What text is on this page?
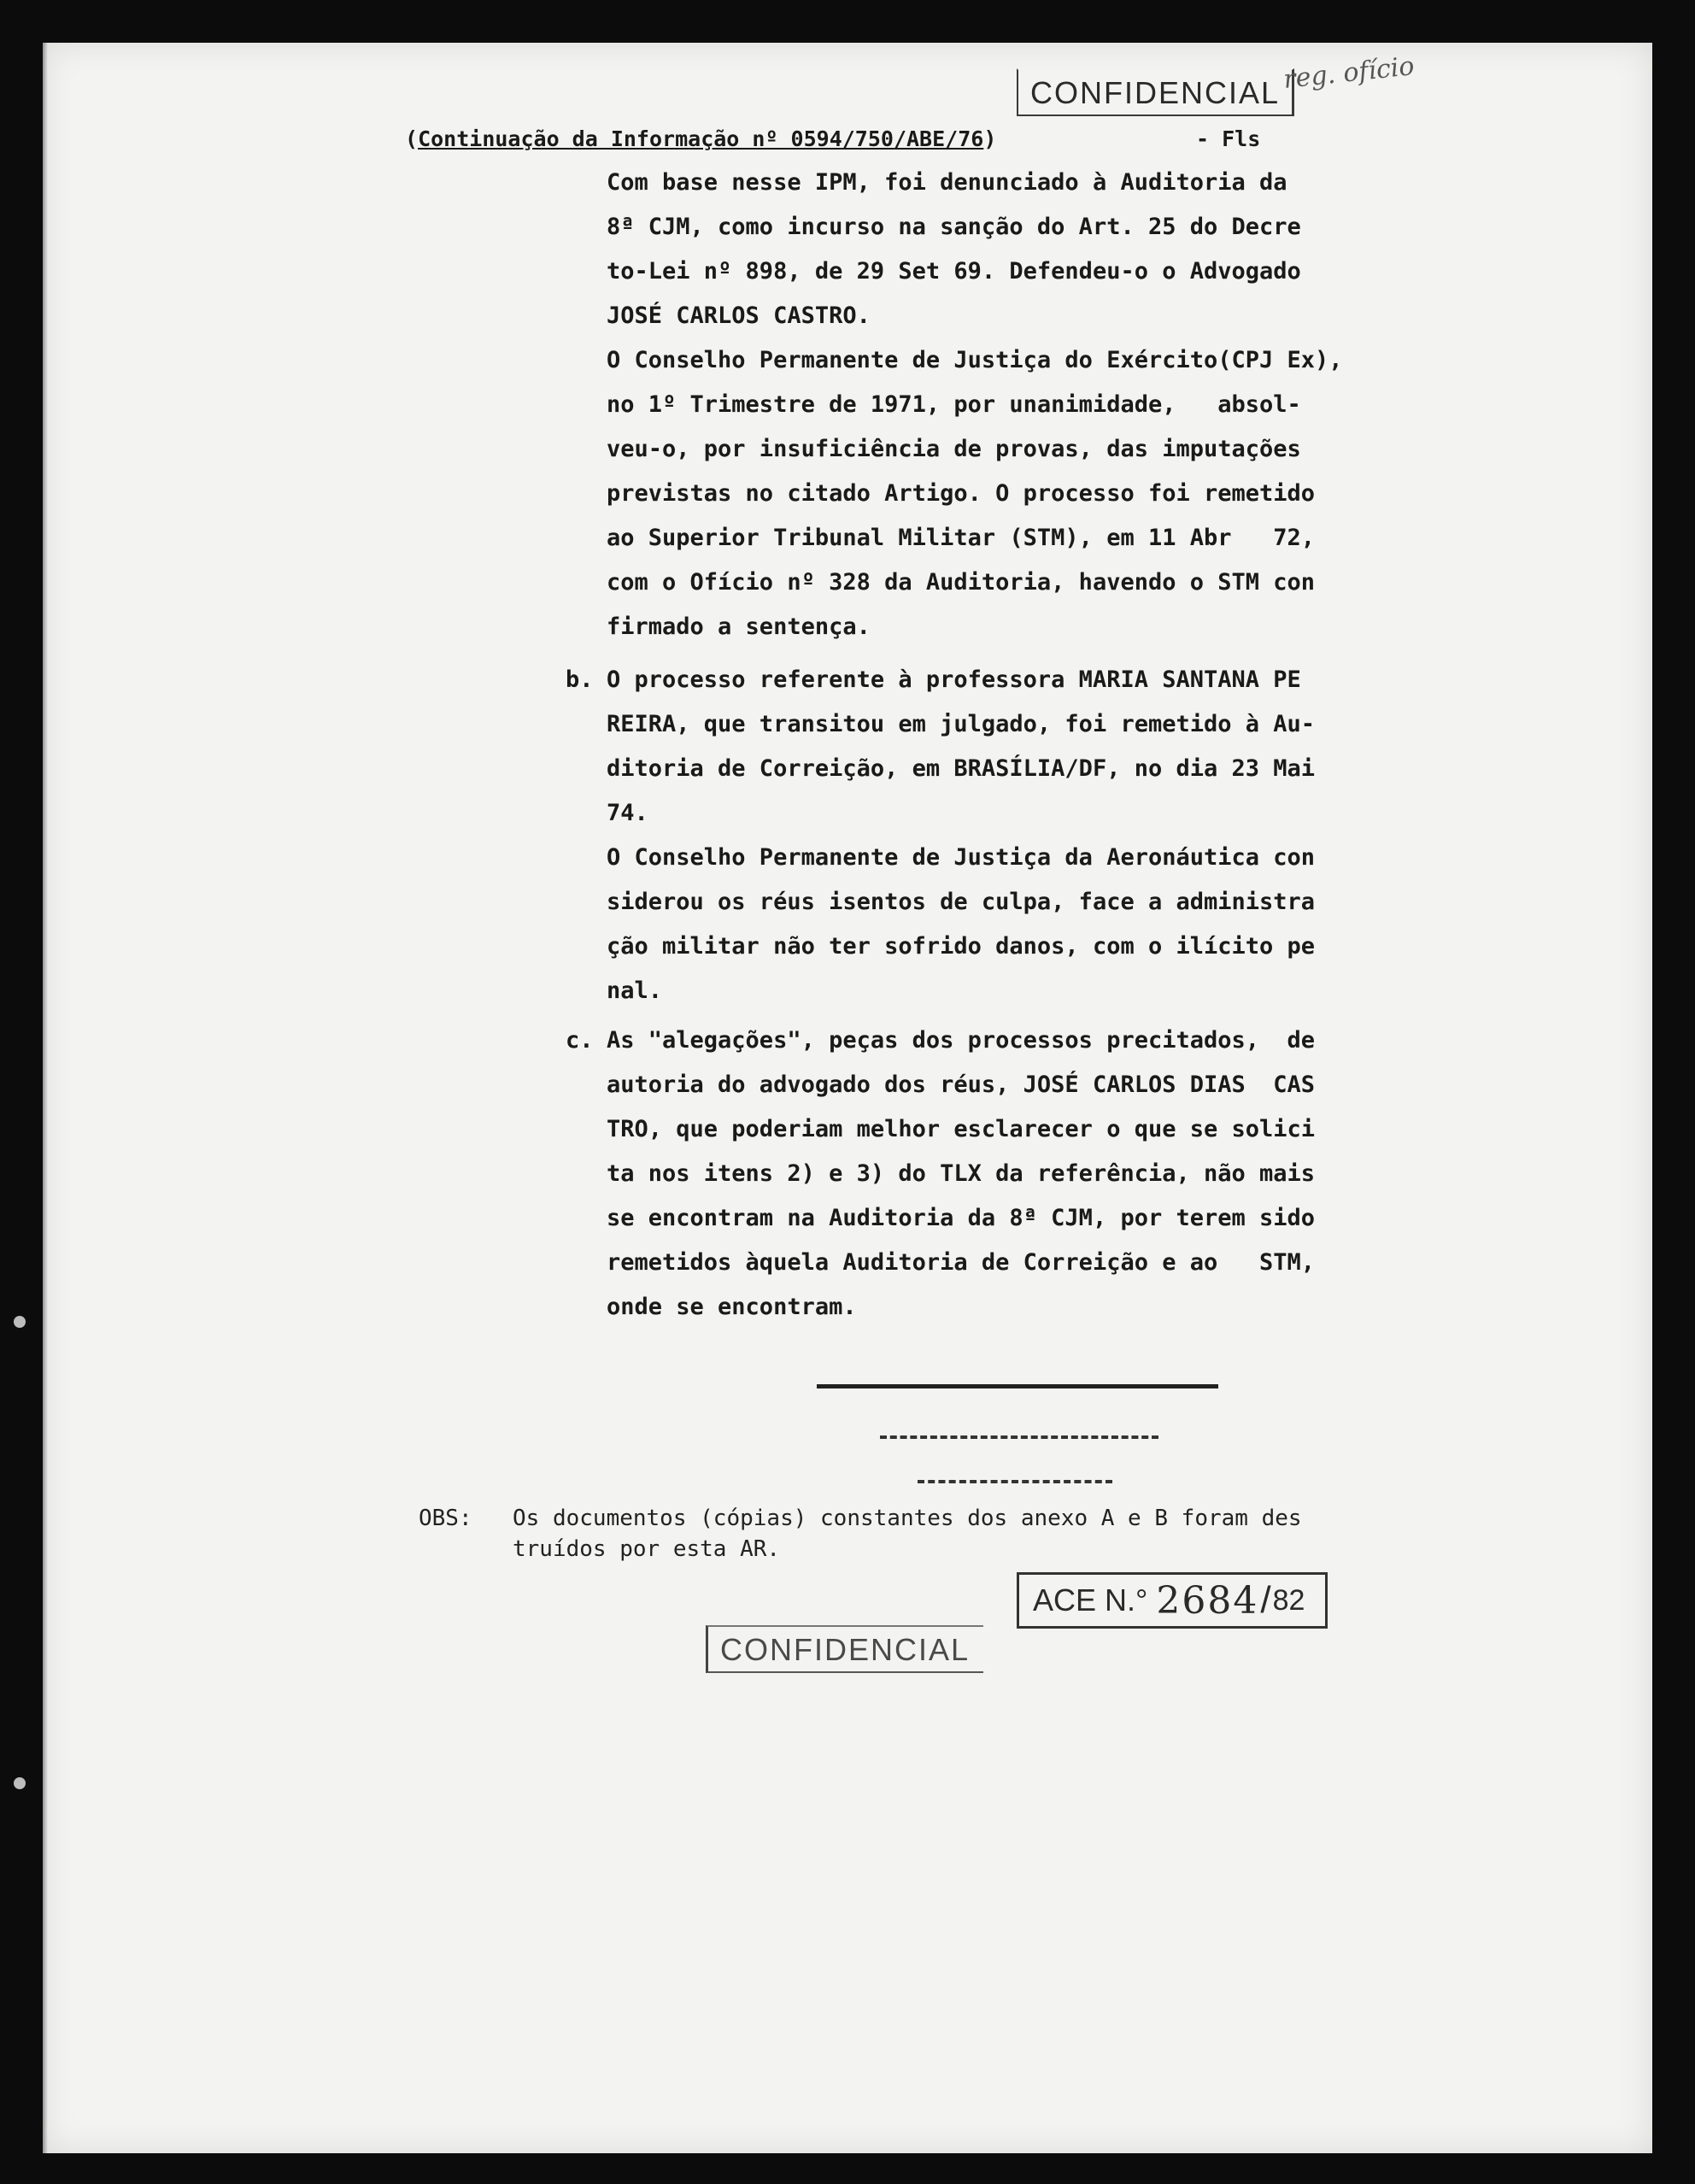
CONFIDENCIAL reg. ofício
(Continuação da Informação nº 0594/750/ABE/76)	- Fls
Com base nesse IPM, foi denunciado à Auditoria da
8ª CJM, como incurso na sanção do Art. 25 do Decre
to-Lei nº 898, de 29 Set 69. Defendeu-o o Advogado
JOSÉ CARLOS CASTRO.
O Conselho Permanente de Justiça do Exército(CPJ Ex),
no 1º Trimestre de 1971, por unanimidade,   absol-
veu-o, por insuficiência de provas, das imputações
previstas no citado Artigo. O processo foi remetido
ao Superior Tribunal Militar (STM), em 11 Abr   72,
com o Ofício nº 328 da Auditoria, havendo o STM con
firmado a sentença.
b. O processo referente à professora MARIA SANTANA PE
REIRA, que transitou em julgado, foi remetido à Au-
ditoria de Correição, em BRASÍLIA/DF, no dia 23 Mai
74.
O Conselho Permanente de Justiça da Aeronáutica con
siderou os réus isentos de culpa, face a administra
ção militar não ter sofrido danos, com o ilícito pe
nal.
c. As "alegações", peças dos processos precitados,  de
autoria do advogado dos réus, JOSÉ CARLOS DIAS  CAS
TRO, que poderiam melhor esclarecer o que se solici
ta nos itens 2) e 3) do TLX da referência, não mais
se encontram na Auditoria da 8ª CJM, por terem sido
remetidos àquela Auditoria de Correição e ao   STM,
onde se encontram.
OBS: Os documentos (cópias) constantes dos anexo A e B foram des
truídos por esta AR.
ACE N.° 2684 / 82
CONFIDENCIAL
